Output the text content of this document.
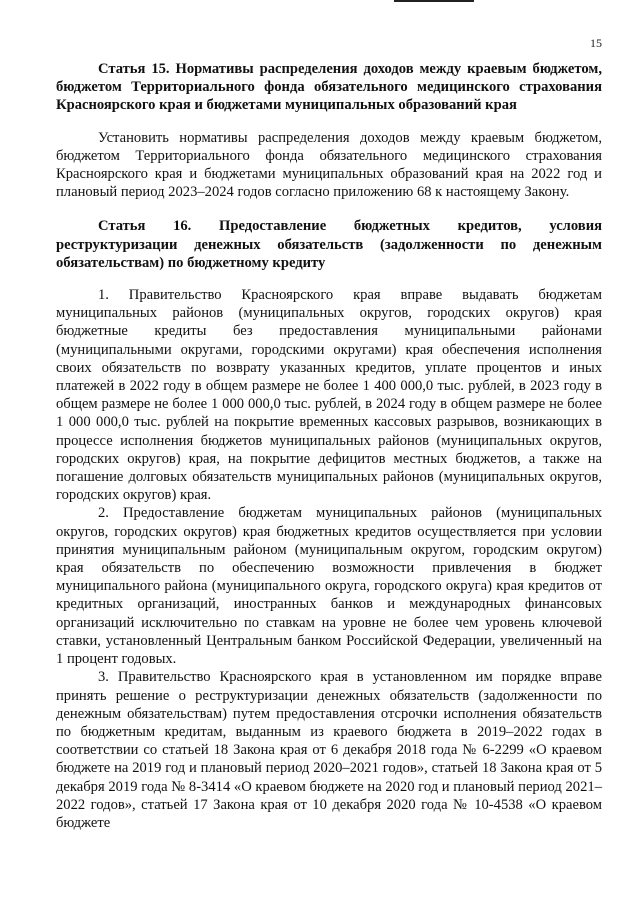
15

Статья 15. Нормативы распределения доходов между краевым бюджетом, бюджетом Территориального фонда обязательного медицинского страхования Красноярского края и бюджетами муниципальных образований края

Установить нормативы распределения доходов между краевым бюджетом, бюджетом Территориального фонда обязательного медицинского страхования Красноярского края и бюджетами муниципальных образований края на 2022 год и плановый период 2023–2024 годов согласно приложению 68 к настоящему Закону.

Статья 16. Предоставление бюджетных кредитов, условия реструктуризации денежных обязательств (задолженности по денежным обязательствам) по бюджетному кредиту

1. Правительство Красноярского края вправе выдавать бюджетам муниципальных районов (муниципальных округов, городских округов) края бюджетные кредиты без предоставления муниципальными районами (муниципальными округами, городскими округами) края обеспечения исполнения своих обязательств по возврату указанных кредитов, уплате процентов и иных платежей в 2022 году в общем размере не более 1 400 000,0 тыс. рублей, в 2023 году в общем размере не более 1 000 000,0 тыс. рублей, в 2024 году в общем размере не более 1 000 000,0 тыс. рублей на покрытие временных кассовых разрывов, возникающих в процессе исполнения бюджетов муниципальных районов (муниципальных округов, городских округов) края, на покрытие дефицитов местных бюджетов, а также на погашение долговых обязательств муниципальных районов (муниципальных округов, городских округов) края.

2. Предоставление бюджетам муниципальных районов (муниципальных округов, городских округов) края бюджетных кредитов осуществляется при условии принятия муниципальным районом (муниципальным округом, городским округом) края обязательств по обеспечению возможности привлечения в бюджет муниципального района (муниципального округа, городского округа) края кредитов от кредитных организаций, иностранных банков и международных финансовых организаций исключительно по ставкам на уровне не более чем уровень ключевой ставки, установленный Центральным банком Российской Федерации, увеличенный на 1 процент годовых.

3. Правительство Красноярского края в установленном им порядке вправе принять решение о реструктуризации денежных обязательств (задолженности по денежным обязательствам) путем предоставления отсрочки исполнения обязательств по бюджетным кредитам, выданным из краевого бюджета в 2019–2022 годах в соответствии со статьей 18 Закона края от 6 декабря 2018 года № 6-2299 «О краевом бюджете на 2019 год и плановый период 2020–2021 годов», статьей 18 Закона края от 5 декабря 2019 года № 8-3414 «О краевом бюджете на 2020 год и плановый период 2021–2022 годов», статьей 17 Закона края от 10 декабря 2020 года № 10-4538 «О краевом бюджете
